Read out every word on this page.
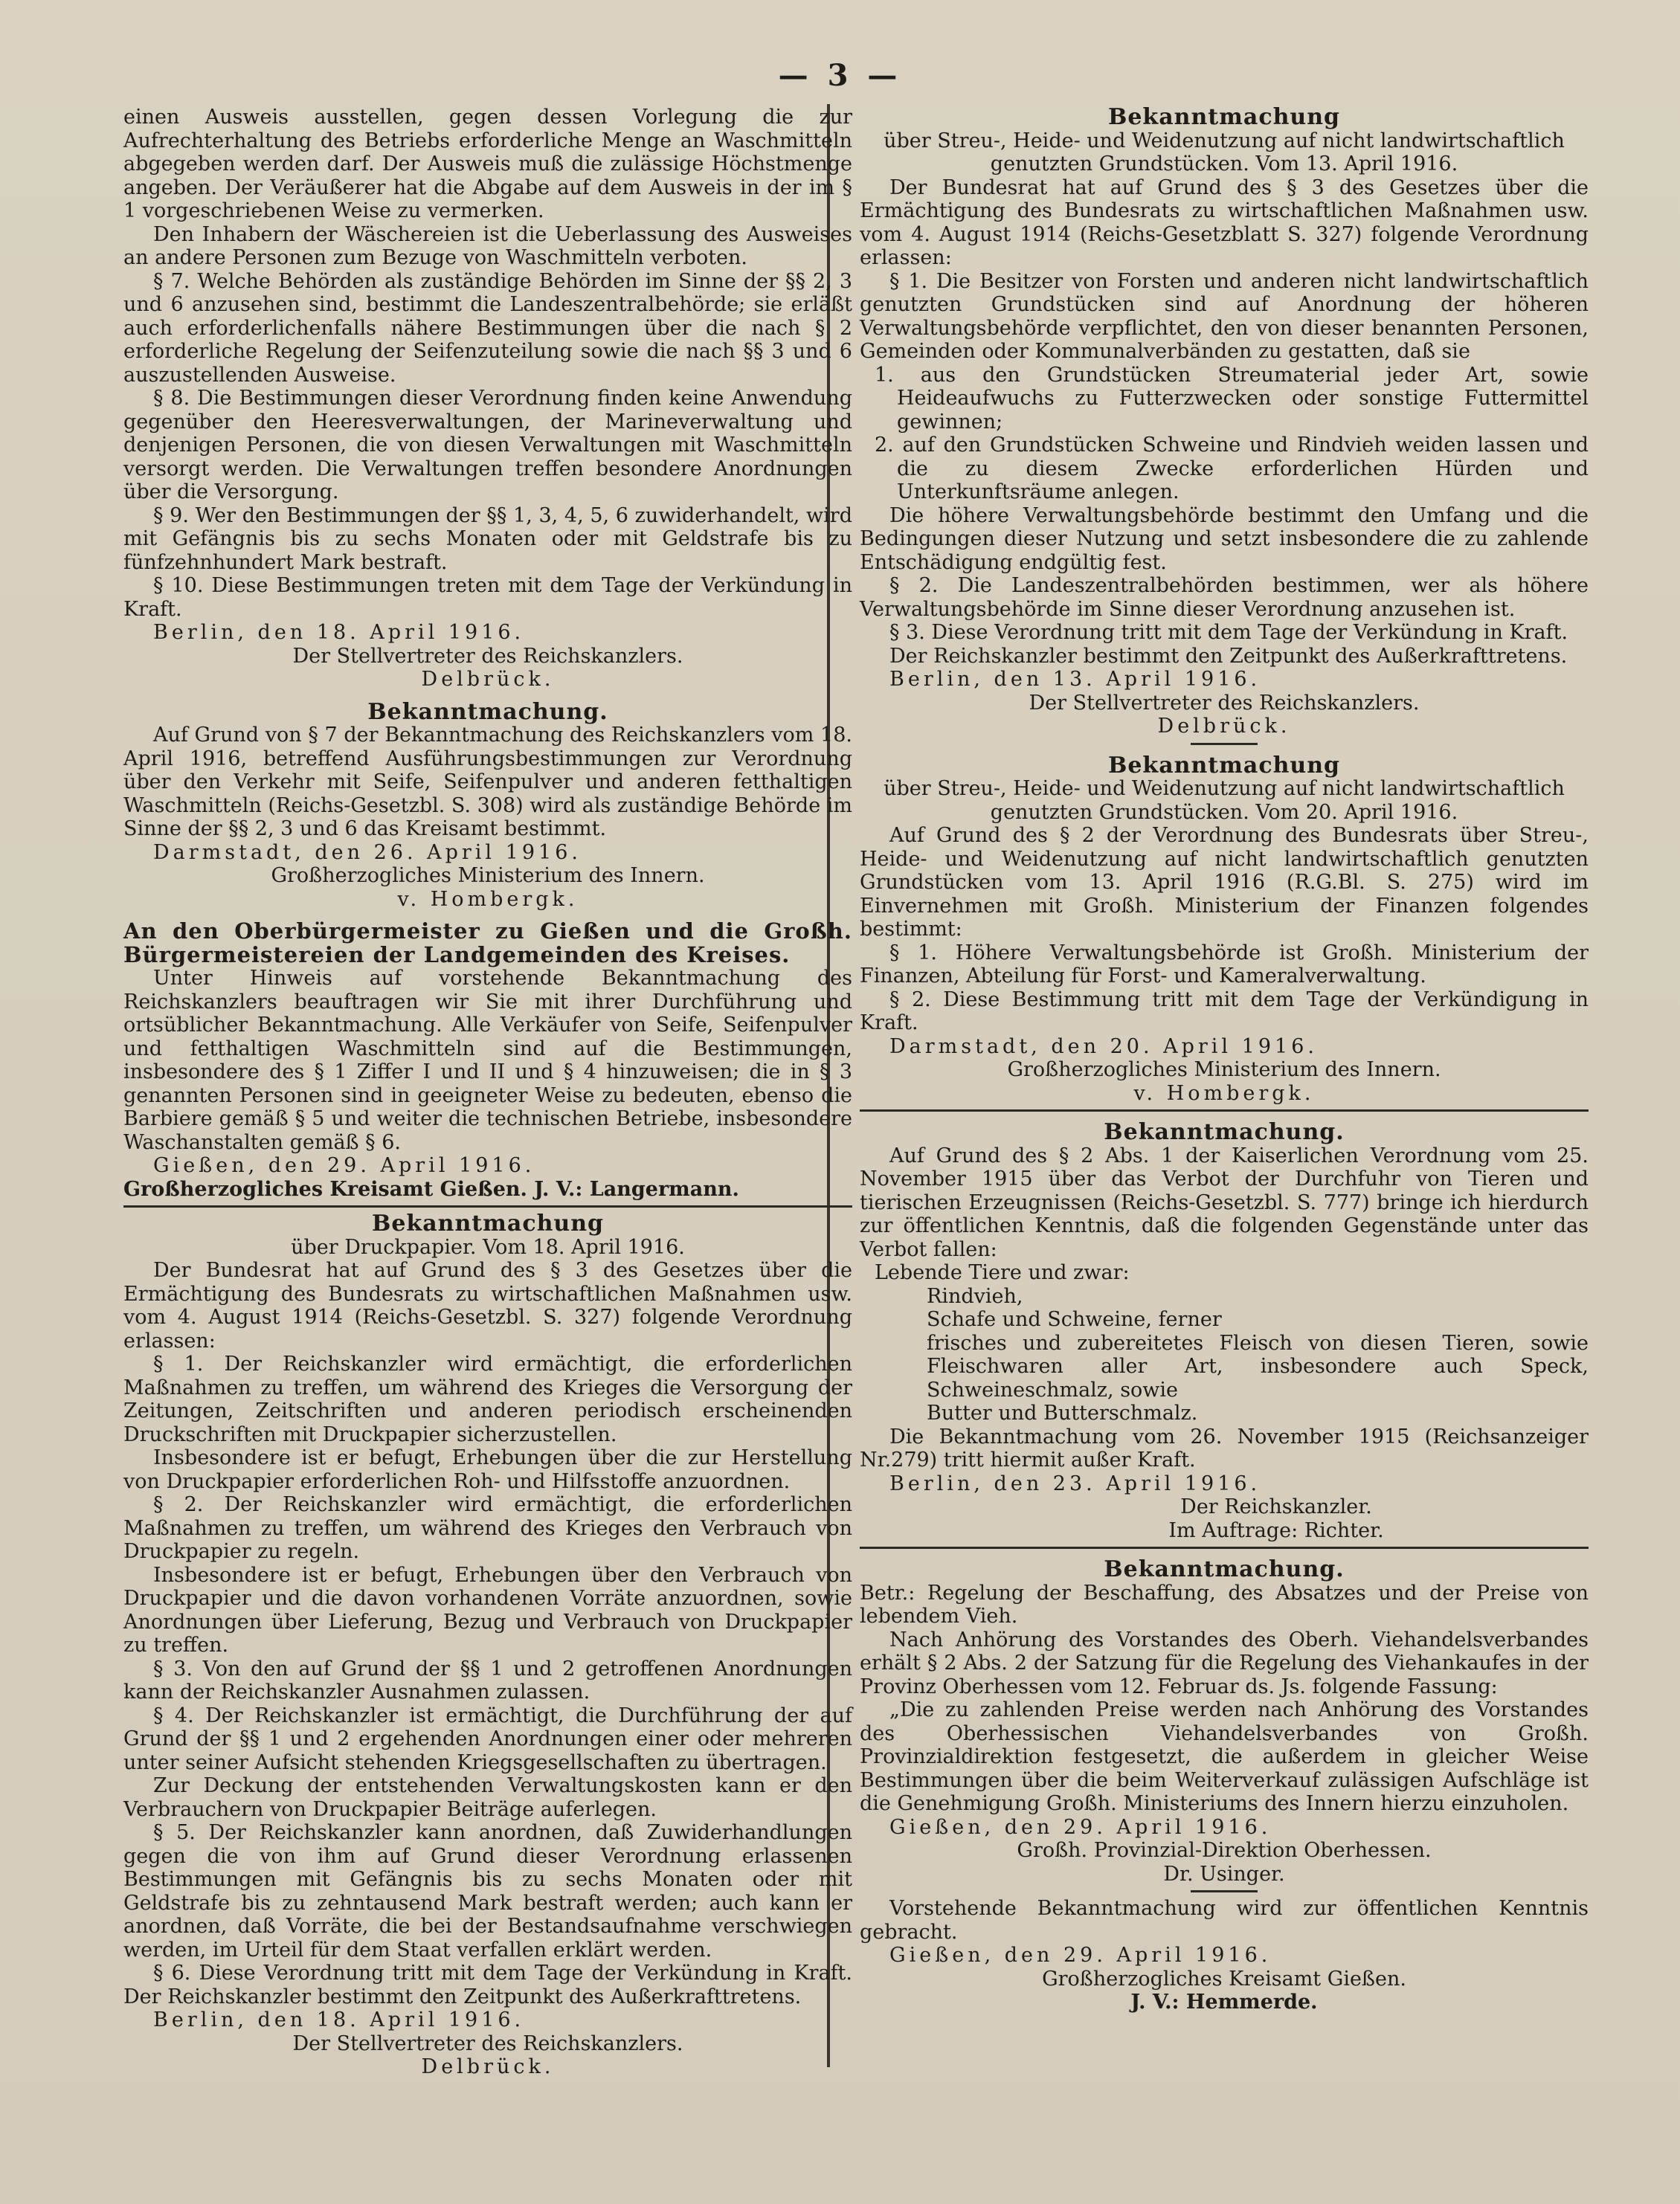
— 3 —

einen Ausweis ausstellen, gegen dessen Vorlegung die zur Aufrechterhaltung des Betriebs erforderliche Menge an Waschmitteln abgegeben werden darf. Der Ausweis muß die zulässige Höchstmenge angeben. Der Veräußerer hat die Abgabe auf dem Ausweis in der im § 1 vorgeschriebenen Weise zu vermerken.

Den Inhabern der Wäschereien ist die Ueberlassung des Ausweises an andere Personen zum Bezuge von Waschmitteln verboten.

§ 7. Welche Behörden als zuständige Behörden im Sinne der §§ 2, 3 und 6 anzusehen sind, bestimmt die Landeszentralbehörde; sie erläßt auch erforderlichenfalls nähere Bestimmungen über die nach § 2 erforderliche Regelung der Seifenzuteilung sowie die nach §§ 3 und 6 auszustellenden Ausweise.

§ 8. Die Bestimmungen dieser Verordnung finden keine Anwendung gegenüber den Heeresverwaltungen, der Marineverwaltung und denjenigen Personen, die von diesen Verwaltungen mit Waschmitteln versorgt werden. Die Verwaltungen treffen besondere Anordnungen über die Versorgung.

§ 9. Wer den Bestimmungen der §§ 1, 3, 4, 5, 6 zuwiderhandelt, wird mit Gefängnis bis zu sechs Monaten oder mit Geldstrafe bis zu fünfzehnhundert Mark bestraft.

§ 10. Diese Bestimmungen treten mit dem Tage der Verkündung in Kraft.

Berlin, den 18. April 1916.

Der Stellvertreter des Reichskanzlers.

Delbrück.

Bekanntmachung.

Auf Grund von § 7 der Bekanntmachung des Reichskanzlers vom 18. April 1916, betreffend Ausführungsbestimmungen zur Verordnung über den Verkehr mit Seife, Seifenpulver und anderen fetthaltigen Waschmitteln (Reichs-Gesetzbl. S. 308) wird als zuständige Behörde im Sinne der §§ 2, 3 und 6 das Kreisamt bestimmt.

Darmstadt, den 26. April 1916.

Großherzogliches Ministerium des Innern.

v. Hombergk.

An den Oberbürgermeister zu Gießen und die Großh. Bürgermeistereien der Landgemeinden des Kreises.

Unter Hinweis auf vorstehende Bekanntmachung des Reichskanzlers beauftragen wir Sie mit ihrer Durchführung und ortsüblicher Bekanntmachung. Alle Verkäufer von Seife, Seifenpulver und fetthaltigen Waschmitteln sind auf die Bestimmungen, insbesondere des § 1 Ziffer I und II und § 4 hinzuweisen; die in § 3 genannten Personen sind in geeigneter Weise zu bedeuten, ebenso die Barbiere gemäß § 5 und weiter die technischen Betriebe, insbesondere Waschanstalten gemäß § 6.

Gießen, den 29. April 1916.

Großherzogliches Kreisamt Gießen. J. V.: Langermann.

Bekanntmachung

über Druckpapier. Vom 18. April 1916.

Der Bundesrat hat auf Grund des § 3 des Gesetzes über die Ermächtigung des Bundesrats zu wirtschaftlichen Maßnahmen usw. vom 4. August 1914 (Reichs-Gesetzbl. S. 327) folgende Verordnung erlassen:

§ 1. Der Reichskanzler wird ermächtigt, die erforderlichen Maßnahmen zu treffen, um während des Krieges die Versorgung der Zeitungen, Zeitschriften und anderen periodisch erscheinenden Druckschriften mit Druckpapier sicherzustellen.

Insbesondere ist er befugt, Erhebungen über die zur Herstellung von Druckpapier erforderlichen Roh- und Hilfsstoffe anzuordnen.

§ 2. Der Reichskanzler wird ermächtigt, die erforderlichen Maßnahmen zu treffen, um während des Krieges den Verbrauch von Druckpapier zu regeln.

Insbesondere ist er befugt, Erhebungen über den Verbrauch von Druckpapier und die davon vorhandenen Vorräte anzuordnen, sowie Anordnungen über Lieferung, Bezug und Verbrauch von Druckpapier zu treffen.

§ 3. Von den auf Grund der §§ 1 und 2 getroffenen Anordnungen kann der Reichskanzler Ausnahmen zulassen.

§ 4. Der Reichskanzler ist ermächtigt, die Durchführung der auf Grund der §§ 1 und 2 ergehenden Anordnungen einer oder mehreren unter seiner Aufsicht stehenden Kriegsgesellschaften zu übertragen.

Zur Deckung der entstehenden Verwaltungskosten kann er den Verbrauchern von Druckpapier Beiträge auferlegen.

§ 5. Der Reichskanzler kann anordnen, daß Zuwiderhandlungen gegen die von ihm auf Grund dieser Verordnung erlassenen Bestimmungen mit Gefängnis bis zu sechs Monaten oder mit Geldstrafe bis zu zehntausend Mark bestraft werden; auch kann er anordnen, daß Vorräte, die bei der Bestandsaufnahme verschwiegen werden, im Urteil für dem Staat verfallen erklärt werden.

§ 6. Diese Verordnung tritt mit dem Tage der Verkündung in Kraft. Der Reichskanzler bestimmt den Zeitpunkt des Außerkrafttretens.

Berlin, den 18. April 1916.

Der Stellvertreter des Reichskanzlers.

Delbrück.

Bekanntmachung

über Streu-, Heide- und Weidenutzung auf nicht landwirtschaftlich genutzten Grundstücken. Vom 13. April 1916.

Der Bundesrat hat auf Grund des § 3 des Gesetzes über die Ermächtigung des Bundesrats zu wirtschaftlichen Maßnahmen usw. vom 4. August 1914 (Reichs-Gesetzblatt S. 327) folgende Verordnung erlassen:

§ 1. Die Besitzer von Forsten und anderen nicht landwirtschaftlich genutzten Grundstücken sind auf Anordnung der höheren Verwaltungsbehörde verpflichtet, den von dieser benannten Personen, Gemeinden oder Kommunalverbänden zu gestatten, daß sie

1. aus den Grundstücken Streumaterial jeder Art, sowie Heideaufwuchs zu Futterzwecken oder sonstige Futtermittel gewinnen;

2. auf den Grundstücken Schweine und Rindvieh weiden lassen und die zu diesem Zwecke erforderlichen Hürden und Unterkunftsräume anlegen.

Die höhere Verwaltungsbehörde bestimmt den Umfang und die Bedingungen dieser Nutzung und setzt insbesondere die zu zahlende Entschädigung endgültig fest.

§ 2. Die Landeszentralbehörden bestimmen, wer als höhere Verwaltungsbehörde im Sinne dieser Verordnung anzusehen ist.

§ 3. Diese Verordnung tritt mit dem Tage der Verkündung in Kraft.

Der Reichskanzler bestimmt den Zeitpunkt des Außerkrafttretens.

Berlin, den 13. April 1916.

Der Stellvertreter des Reichskanzlers.

Delbrück.

Bekanntmachung

über Streu-, Heide- und Weidenutzung auf nicht landwirtschaftlich genutzten Grundstücken. Vom 20. April 1916.

Auf Grund des § 2 der Verordnung des Bundesrats über Streu-, Heide- und Weidenutzung auf nicht landwirtschaftlich genutzten Grundstücken vom 13. April 1916 (R.G.Bl. S. 275) wird im Einvernehmen mit Großh. Ministerium der Finanzen folgendes bestimmt:

§ 1. Höhere Verwaltungsbehörde ist Großh. Ministerium der Finanzen, Abteilung für Forst- und Kameralverwaltung.

§ 2. Diese Bestimmung tritt mit dem Tage der Verkündigung in Kraft.

Darmstadt, den 20. April 1916.

Großherzogliches Ministerium des Innern.

v. Hombergk.

Bekanntmachung.

Auf Grund des § 2 Abs. 1 der Kaiserlichen Verordnung vom 25. November 1915 über das Verbot der Durchfuhr von Tieren und tierischen Erzeugnissen (Reichs-Gesetzbl. S. 777) bringe ich hierdurch zur öffentlichen Kenntnis, daß die folgenden Gegenstände unter das Verbot fallen:

Lebende Tiere und zwar:

Rindvieh,

Schafe und Schweine, ferner

frisches und zubereitetes Fleisch von diesen Tieren, sowie Fleischwaren aller Art, insbesondere auch Speck, Schweineschmalz, sowie

Butter und Butterschmalz.

Die Bekanntmachung vom 26. November 1915 (Reichsanzeiger Nr.279) tritt hiermit außer Kraft.

Berlin, den 23. April 1916.

Der Reichskanzler.

Im Auftrage: Richter.

Bekanntmachung.

Betr.: Regelung der Beschaffung, des Absatzes und der Preise von lebendem Vieh.

Nach Anhörung des Vorstandes des Oberh. Viehandelsverbandes erhält § 2 Abs. 2 der Satzung für die Regelung des Viehankaufes in der Provinz Oberhessen vom 12. Februar ds. Js. folgende Fassung:

„Die zu zahlenden Preise werden nach Anhörung des Vorstandes des Oberhessischen Viehandelsverbandes von Großh. Provinzialdirektion festgesetzt, die außerdem in gleicher Weise Bestimmungen über die beim Weiterverkauf zulässigen Aufschläge ist die Genehmigung Großh. Ministeriums des Innern hierzu einzuholen.

Gießen, den 29. April 1916.

Großh. Provinzial-Direktion Oberhessen.

Dr. Usinger.

Vorstehende Bekanntmachung wird zur öffentlichen Kenntnis gebracht.

Gießen, den 29. April 1916.

Großherzogliches Kreisamt Gießen.

J. V.: Hemmerde.
